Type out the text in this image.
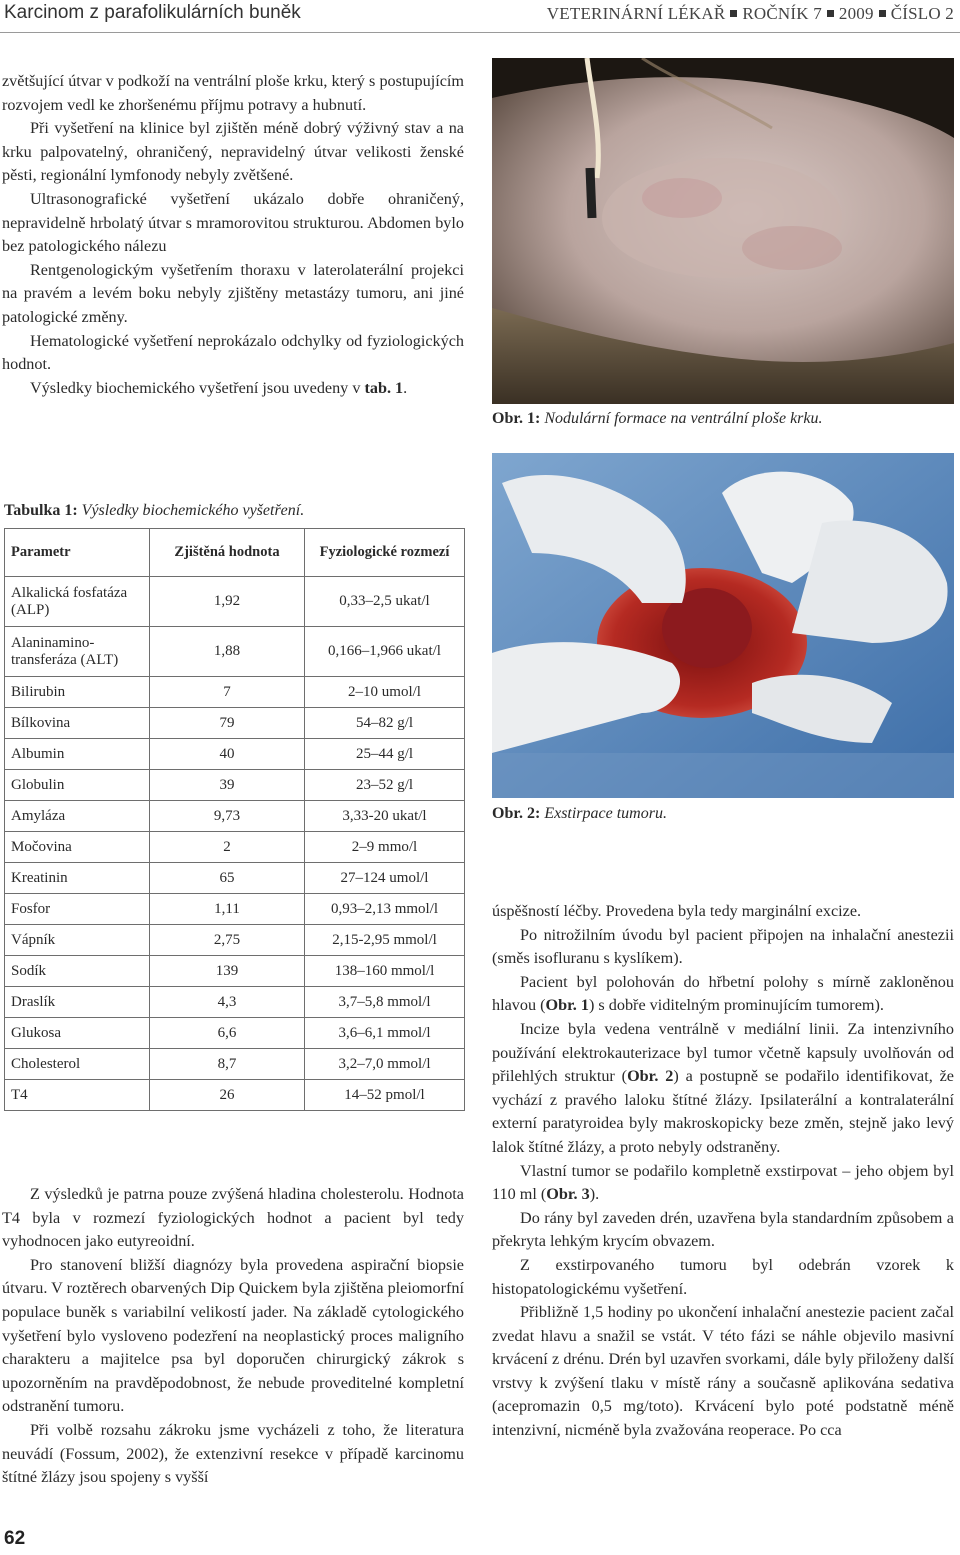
Karcinom z parafolikulárních buněk	VETERINÁRNÍ LÉKAŘ ROČNÍK 7 2009 ČÍSLO 2

zvětšující útvar v podkoží na ventrální ploše krku, který s postupujícím rozvojem vedl ke zhoršenému příjmu potravy a hubnutí.

Při vyšetření na klinice byl zjištěn méně dobrý výživný stav a na krku palpovatelný, ohraničený, nepravidelný útvar velikosti ženské pěsti, regionální lymfonody nebyly zvětšené.

Ultrasonografické vyšetření ukázalo dobře ohraničený, nepravidelně hrbolatý útvar s mramorovitou strukturou. Abdomen bylo bez patologického nálezu

Rentgenologickým vyšetřením thoraxu v laterolaterální projekci na pravém a levém boku nebyly zjištěny metastázy tumoru, ani jiné patologické změny.

Hematologické vyšetření neprokázalo odchylky od fyziologických hodnot.

Výsledky biochemického vyšetření jsou uvedeny v tab. 1.

Obr. 1: Nodulární formace na ventrální ploše krku.
Obr. 2: Exstirpace tumoru.
Tabulka 1: Výsledky biochemického vyšetření.
Parametr	Zjištěná hodnota	Fyziologické rozmezí
Alkalická fosfatáza (ALP)	1,92	0,33–2,5 ukat/l
Alaninamino-transferáza (ALT)	1,88	0,166–1,966 ukat/l
Bilirubin	7	2–10 umol/l
Bílkovina	79	54–82 g/l
Albumin	40	25–44 g/l
Globulin	39	23–52 g/l
Amyláza	9,73	3,33-20 ukat/l
Močovina	2	2–9 mmo/l
Kreatinin	65	27–124 umol/l
Fosfor	1,11	0,93–2,13 mmol/l
Vápník	2,75	2,15-2,95 mmol/l
Sodík	139	138–160 mmol/l
Draslík	4,3	3,7–5,8 mmol/l
Glukosa	6,6	3,6–6,1 mmol/l
Cholesterol	8,7	3,2–7,0 mmol/l
T4	26	14–52 pmol/l

Z výsledků je patrna pouze zvýšená hladina cholesterolu. Hodnota T4 byla v rozmezí fyziologických hodnot a pacient byl tedy vyhodnocen jako eutyreoidní.

Pro stanovení bližší diagnózy byla provedena aspirační biopsie útvaru. V roztěrech obarvených Dip Quickem byla zjištěna pleiomorfní populace buněk s variabilní velikostí jader. Na základě cytologického vyšetření bylo vysloveno podezření na neoplastický proces maligního charakteru a majitelce psa byl doporučen chirurgický zákrok s upozorněním na pravděpodobnost, že nebude proveditelné kompletní odstranění tumoru.

Při volbě rozsahu zákroku jsme vycházeli z toho, že literatura neuvádí (Fossum, 2002), že extenzivní resekce v případě karcinomu štítné žlázy jsou spojeny s vyšší

úspěšností léčby. Provedena byla tedy marginální excize.

Po nitrožilním úvodu byl pacient připojen na inhalační anestezii (směs isofluranu s kyslíkem).

Pacient byl polohován do hřbetní polohy s mírně zakloněnou hlavou (Obr. 1) s dobře viditelným prominujícím tumorem).

Incize byla vedena ventrálně v mediální linii. Za intenzivního používání elektrokauterizace byl tumor včetně kapsuly uvolňován od přilehlých struktur (Obr. 2) a postupně se podařilo identifikovat, že vychází z pravého laloku štítné žlázy. Ipsilaterální a kontralaterální externí paratyroidea byly makroskopicky beze změn, stejně jako levý lalok štítné žlázy, a proto nebyly odstraněny.

Vlastní tumor se podařilo kompletně exstirpovat – jeho objem byl 110 ml (Obr. 3).

Do rány byl zaveden drén, uzavřena byla standardním způsobem a překryta lehkým krycím obvazem.

Z exstirpovaného tumoru byl odebrán vzorek k histopatologickému vyšetření.

Přibližně 1,5 hodiny po ukončení inhalační anestezie pacient začal zvedat hlavu a snažil se vstát. V této fázi se náhle objevilo masivní krvácení z drénu. Drén byl uzavřen svorkami, dále byly přiloženy další vrstvy k zvýšení tlaku v místě rány a současně aplikována sedativa (acepromazin 0,5 mg/toto). Krvácení bylo poté podstatně méně intenzivní, nicméně byla zvažována reoperace. Po cca

62
